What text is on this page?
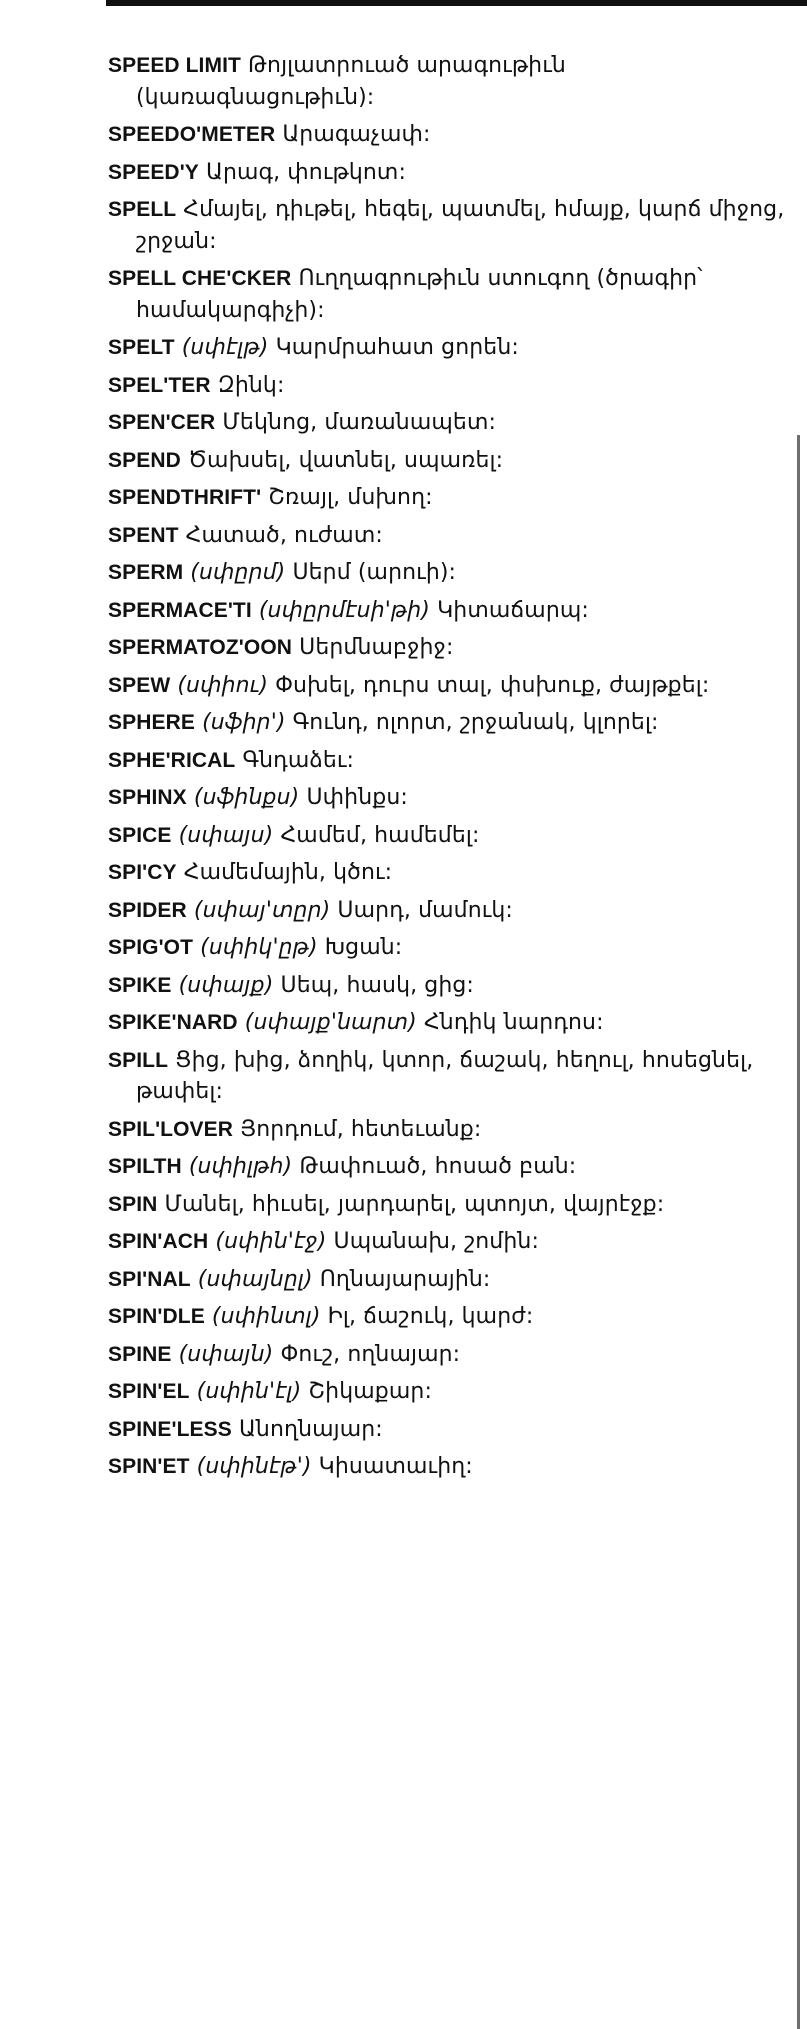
SPEED LIMIT Թոյլատրուած արագութիւն (կառագնացութիւն):

SPEEDO'METER Արագաչափ:

SPEED'Y Արագ, փութկոտ:

SPELL Հմայել, դիւթել, հեգել, պատմել, հմայք, կարճ միջոց, շրջան:

SPELL CHE'CKER Ուղղագրութիւն ստուգող (ծրագիր՝ համակարգիչի):

SPELT (սփէլթ) Կարմրահատ ցորեն:

SPEL'TER Զինկ:

SPEN'CER Մեկնոց, մառանապետ:

SPEND Ծախսել, վատնել, սպառել:

SPENDTHRIFT' Շռայլ, մսխող:

SPENT Հատած, ուժատ:

SPERM (սփըրմ) Սերմ (արուի):

SPERMACE'TI (սփըրմէսի'թի) Կիտաճարպ:

SPERMATOZ'OON Սերմնաբջիջ:

SPEW (սփիու) Փսխել, դուրս տալ, փսխուք, ժայթքել:

SPHERE (սֆիր') Գունդ, ոլորտ, շրջանակ, կլորել:

SPHE'RICAL Գնդաձեւ:

SPHINX (սֆինքս) Սփինքս:

SPICE (սփայս) Համեմ, համեմել:

SPI'CY Համեմային, կծու:

SPIDER (սփայ'տըր) Սարդ, մամուկ:

SPIG'OT (սփիկ'ըթ) Խցան:

SPIKE (սփայք) Սեպ, հասկ, ցից:

SPIKE'NARD (սփայք'նարտ) Հնդիկ նարդոս:

SPILL Ցից, խից, ձողիկ, կտոր, ճաշակ, հեղուլ, հոսեցնել, թափել:

SPIL'LOVER Յորդում, հետեւանք:

SPILTH (սփիլթհ) Թափուած, հոսած բան:

SPIN Մանել, հիւսել, յարդարել, պտոյտ, վայրէջք:

SPIN'ACH (սփին'էջ) Սպանախ, շոմին:

SPI'NAL (սփայնըլ) Ողնայարային:

SPIN'DLE (սփինտլ) Իլ, ճաշուկ, կարժ:

SPINE (սփայն) Փուշ, ողնայար:

SPIN'EL (սփին'էլ) Շիկաքար:

SPINE'LESS Անողնայար:

SPIN'ET (սփինէթ') Կիսատաւիղ:
